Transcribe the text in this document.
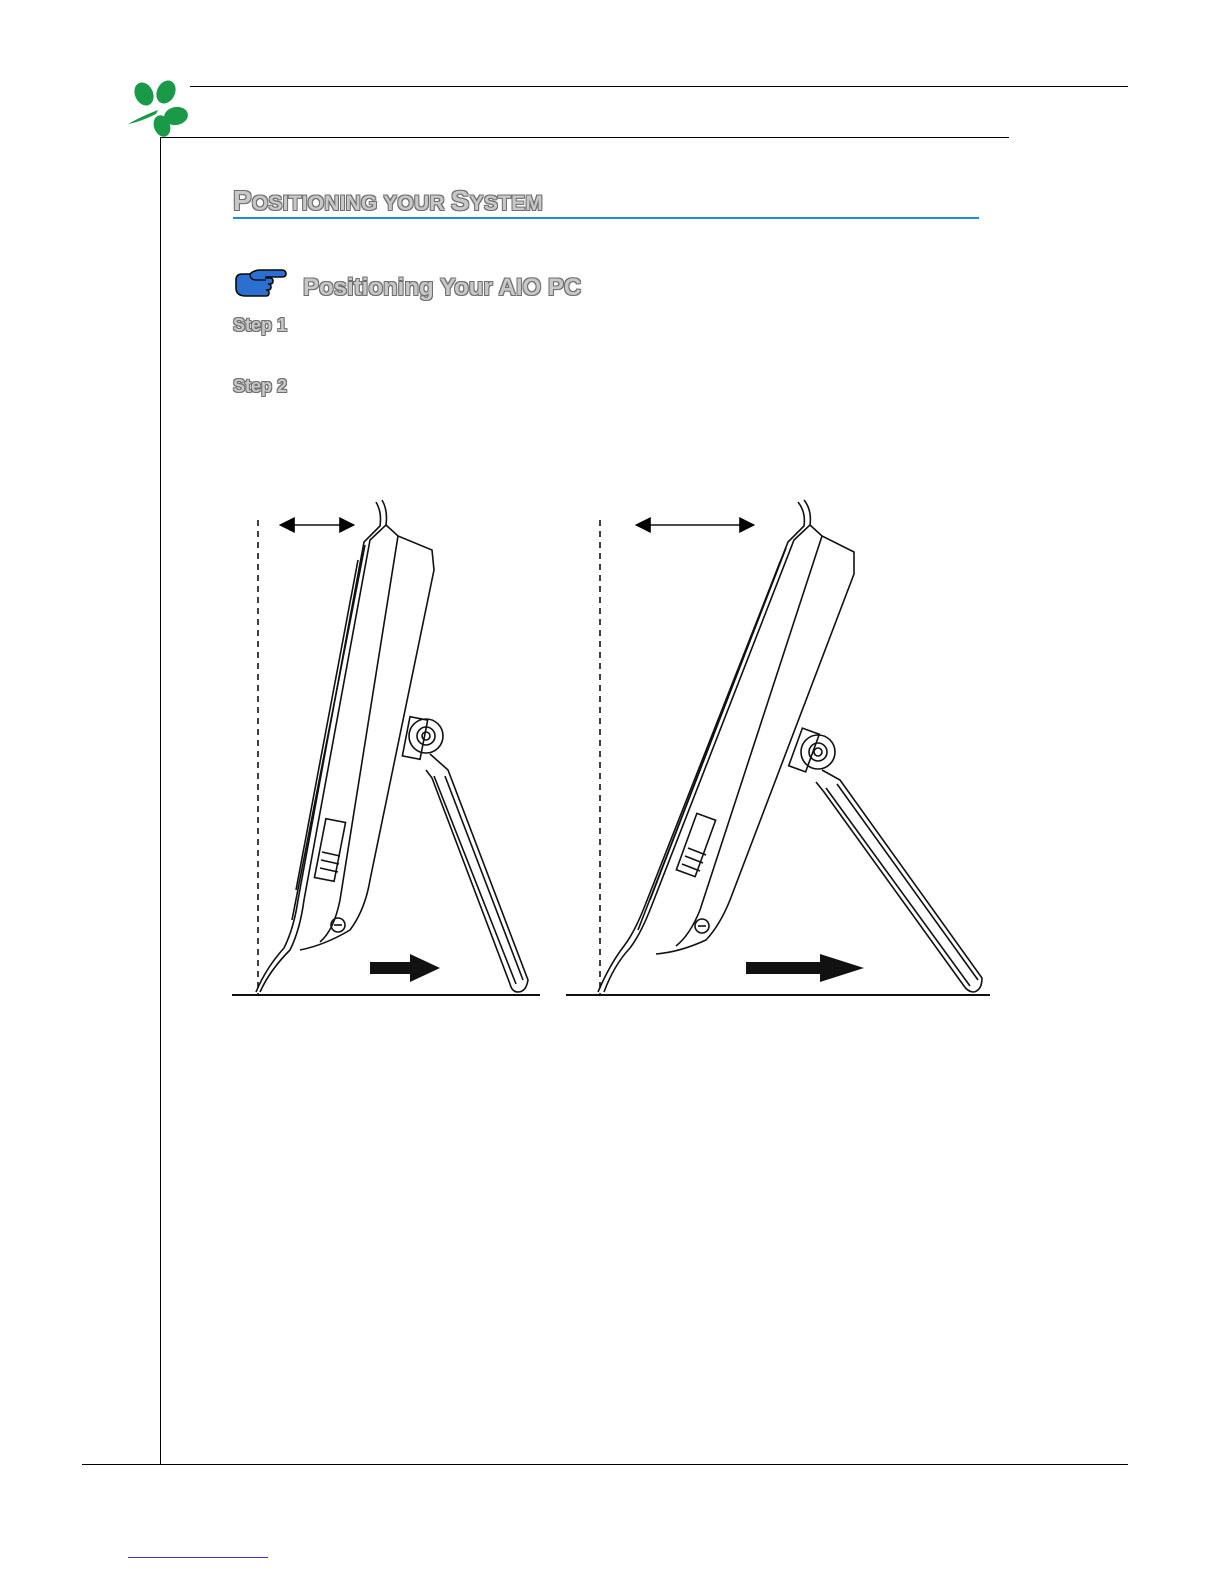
POSITIONING YOUR SYSTEM
Positioning Your AIO PC
Step 1
Step 2
